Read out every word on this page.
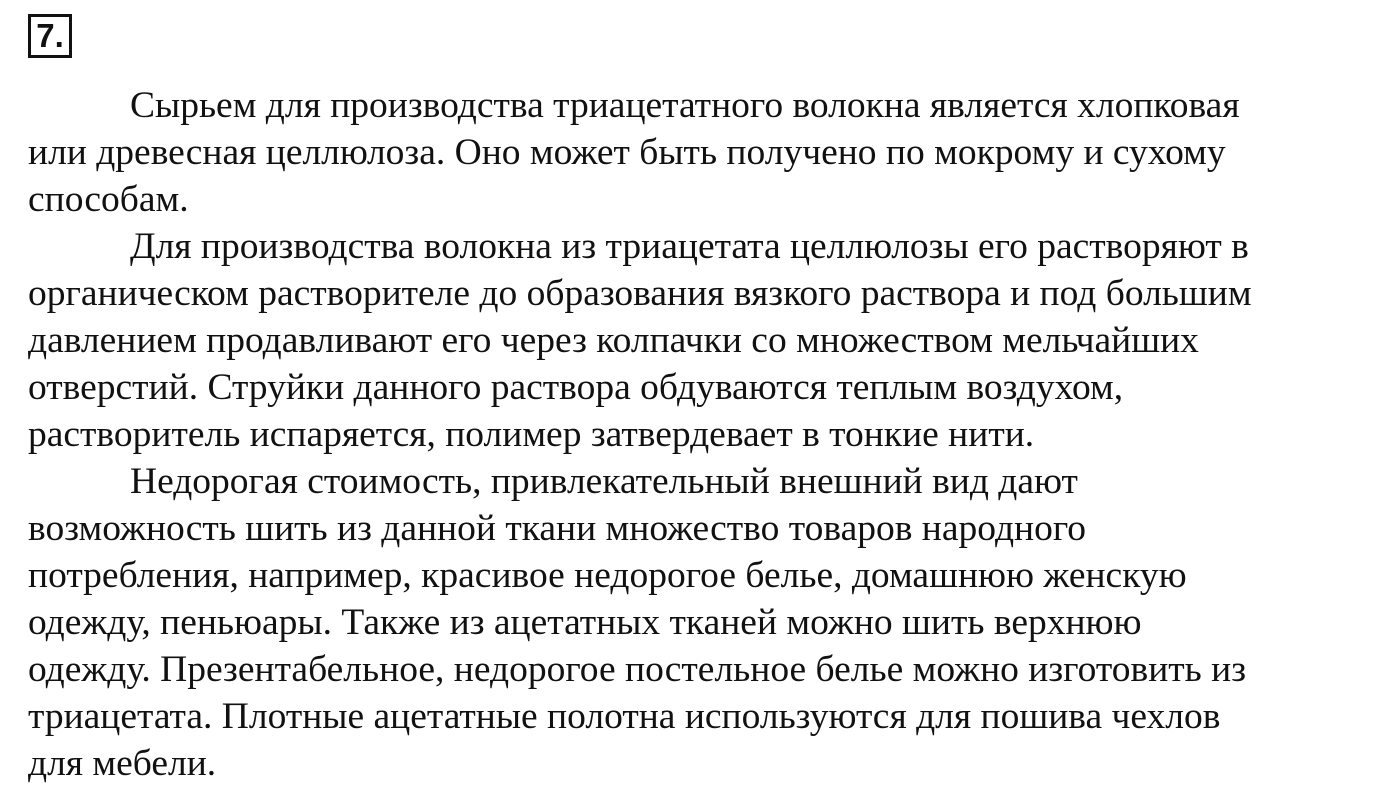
7.

Сырьем для производства триацетатного волокна является хлопковая
или древесная целлюлоза. Оно может быть получено по мокрому и сухому
способам.

Для производства волокна из триацетата целлюлозы его растворяют в
органическом растворителе до образования вязкого раствора и под большим
давлением продавливают его через колпачки со множеством мельчайших
отверстий. Струйки данного раствора обдуваются теплым воздухом,
растворитель испаряется, полимер затвердевает в тонкие нити.

Недорогая стоимость, привлекательный внешний вид дают
возможность шить из данной ткани множество товаров народного
потребления, например, красивое недорогое белье, домашнюю женскую
одежду, пеньюары. Также из ацетатных тканей можно шить верхнюю
одежду. Презентабельное, недорогое постельное белье можно изготовить из
триацетата. Плотные ацетатные полотна используются для пошива чехлов
для мебели.
